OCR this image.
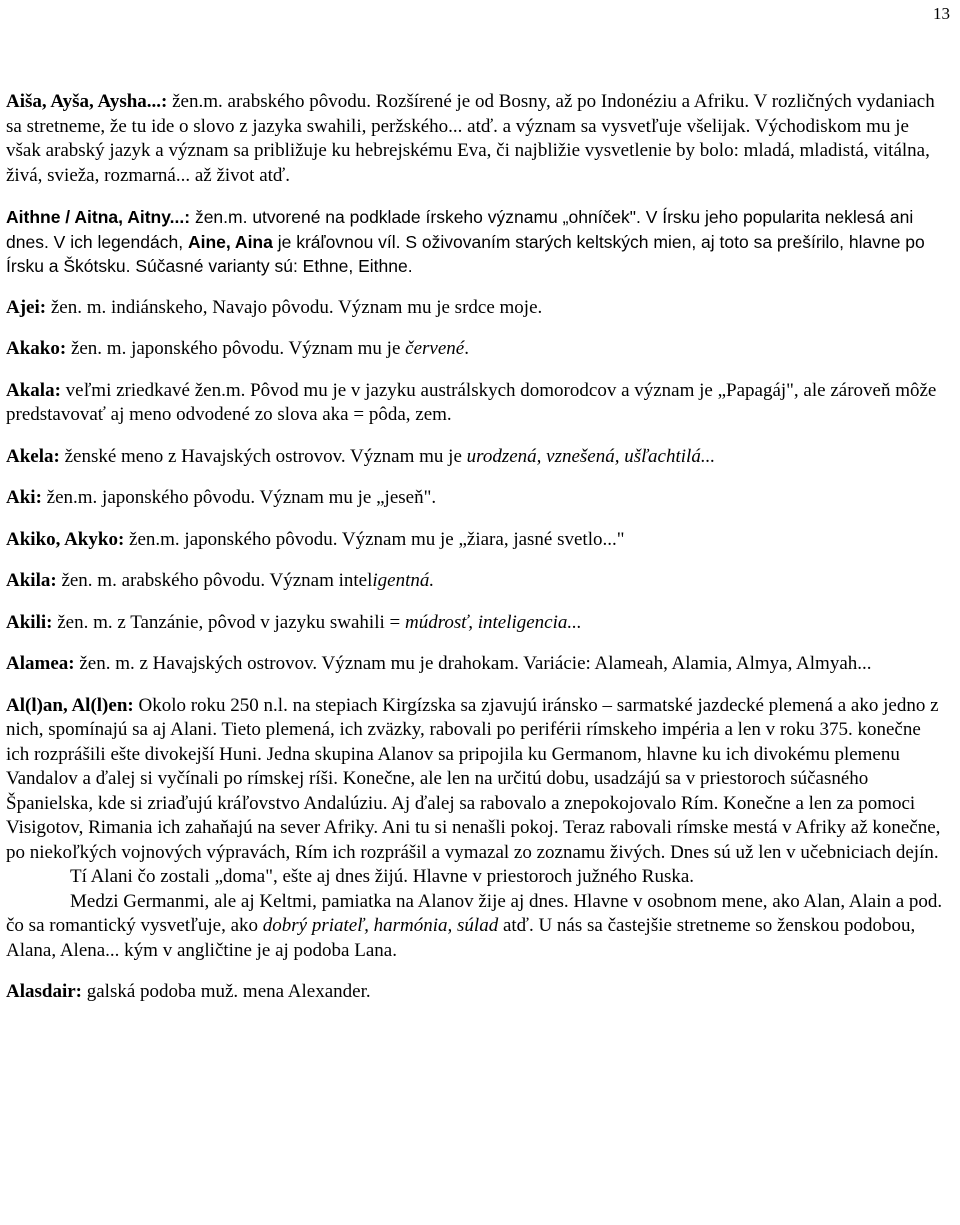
13

Aiša, Ayša, Aysha...: žen.m. arabského pôvodu. Rozšírené je od Bosny, až po Indonéziu a Afriku. V rozličných vydaniach sa stretneme, že tu ide o slovo z jazyka swahili, peržského... atď. a význam sa vysvetľuje všelijak. Východiskom mu je však arabský jazyk a význam sa približuje ku hebrejskému Eva, či najbližie vysvetlenie by bolo: mladá, mladistá, vitálna, živá, svieža, rozmarná... až život atď.

Aithne / Aitna, Aitny...: žen.m. utvorené na podklade írskeho významu „ohníček". V Írsku jeho popularita neklesá ani dnes. V ich legendách, Aine, Aina je kráľovnou víl. S oživovaním starých keltských mien, aj toto sa prešírilo, hlavne po Írsku a Škótsku. Súčasné varianty sú: Ethne, Eithne.

Ajei: žen. m. indiánskeho, Navajo pôvodu. Význam mu je srdce moje.

Akako: žen. m. japonského pôvodu. Význam mu je červené.

Akala: veľmi zriedkavé žen.m. Pôvod mu je v jazyku austrálskych domorodcov a význam je „Papagáj", ale zároveň môže predstavovať aj meno odvodené zo slova aka = pôda, zem.

Akela: ženské meno z Havajských ostrovov. Význam mu je urodzená, vznešená, ušľachtilá...

Aki: žen.m. japonského pôvodu. Význam mu je „jeseň".

Akiko, Akyko: žen.m. japonského pôvodu. Význam mu je „žiara, jasné svetlo..."

Akila: žen. m. arabského pôvodu. Význam inteligentná.

Akili: žen. m. z Tanzánie, pôvod v jazyku swahili = múdrosť, inteligencia...

Alamea: žen. m. z Havajských ostrovov. Význam mu je drahokam. Variácie: Alameah, Alamia, Almya, Almyah...

Al(l)an, Al(l)en: Okolo roku 250 n.l. na stepiach Kirgízska sa zjavujú iránsko – sarmatské jazdecké plemená a ako jedno z nich, spomínajú sa aj Alani. Tieto plemená, ich zväzky, rabovali po periférii rímskeho impéria a len v roku 375. konečne ich rozprášili ešte divokejší Huni. Jedna skupina Alanov sa pripojila ku Germanom, hlavne ku ich divokému plemenu Vandalov a ďalej si vyčínali po rímskej ríši. Konečne, ale len na určitú dobu, usadzájú sa v priestoroch súčasného Španielska, kde si zriaďujú kráľovstvo Andalúziu. Aj ďalej sa rabovalo a znepokojovalo Rím. Konečne a len za pomoci Visigotov, Rimania ich zahaňajú na sever Afriky. Ani tu si nenašli pokoj. Teraz rabovali rímske mestá v Afriky až konečne, po niekoľkých vojnových výpravách, Rím ich rozprášil a vymazal zo zoznamu živých. Dnes sú už len v učebniciach dejín.

Tí Alani čo zostali „doma", ešte aj dnes žijú. Hlavne v priestoroch južného Ruska.

Medzi Germanmi, ale aj Keltmi, pamiatka na Alanov žije aj dnes. Hlavne v osobnom mene, ako Alan, Alain a pod. čo sa romantický vysvetľuje, ako dobrý priateľ, harmónia, súlad atď. U nás sa častejšie stretneme so ženskou podobou, Alana, Alena... kým v angličtine je aj podoba Lana.

Alasdair: galská podoba muž. mena Alexander.
